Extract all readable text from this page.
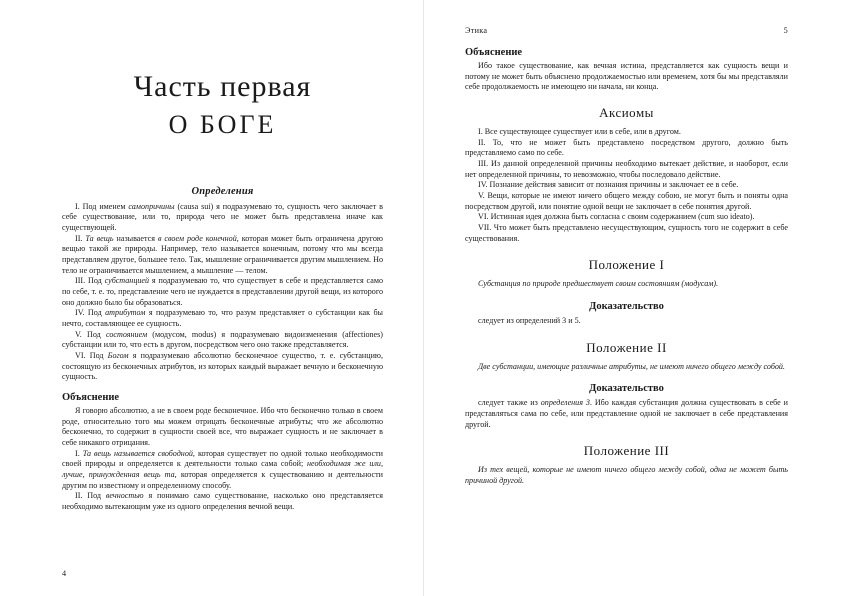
Часть первая
О БОГЕ
Определения

I. Под именем самопричины (causa sui) я подразумеваю то, сущность чего заключает в себе существование, или то, природа чего не может быть представлена иначе как существующей.

II. Та вещь называется в своем роде конечной, которая может быть ограничена другою вещью такой же природы. Например, тело называется конечным, потому что мы всегда представляем другое, большее тело. Так, мышление ограничивается другим мышлением. Но тело не ограничивается мышлением, а мышление — телом.

III. Под субстанцией я подразумеваю то, что существует в себе и представляется само по себе, т. е. то, представление чего не нуждается в представлении другой вещи, из которого оно должно было бы образоваться.

IV. Под атрибутом я подразумеваю то, что разум представляет о субстанции как бы нечто, составляющее ее сущность.

V. Под состоянием (модусом, modus) я подразумеваю видоизменения (affectiones) субстанции или то, что есть в другом, посредством чего оно также представляется.

VI. Под Богом я подразумеваю абсолютно бесконечное существо, т. е. субстанцию, состоящую из бесконечных атрибутов, из которых каждый выражает вечную и бесконечную сущность.

Объяснение

Я говорю абсолютно, а не в своем роде бесконечное. Ибо что бесконечно только в своем роде, относительно того мы можем отрицать бесконечные атрибуты; что же абсолютно бесконечно, то содержит в сущности своей все, что выражает сущность и не заключает в себе никакого отрицания.

I. Та вещь называется свободной, которая существует по одной только необходимости своей природы и определяется к деятельности только сама собой; необходимая же или, лучше, принужденная вещь та, которая определяется к существованию и деятельности другим по известному и определенному способу.

II. Под вечностью я понимаю само существование, насколько оно представляется необходимо вытекающим уже из одного определения вечной вещи.

4
Этика	5
Объяснение

Ибо такое существование, как вечная истина, представляется как сущность вещи и потому не может быть объяснено продолжаемостью или временем, хотя бы мы представляли себе продолжаемость не имеющею ни начала, ни конца.

Аксиомы

I. Все существующее существует или в себе, или в другом.

II. То, что не может быть представлено посредством другого, должно быть представляемо само по себе.

III. Из данной определенной причины необходимо вытекает действие, и наоборот, если нет определенной причины, то невозможно, чтобы последовало действие.

IV. Познание действия зависит от познания причины и заключает ее в себе.

V. Вещи, которые не имеют ничего общего между собою, не могут быть и поняты одна посредством другой, или понятие одной вещи не заключает в себе понятия другой.

VI. Истинная идея должна быть согласна с своим содержанием (cum suo ideato).

VII. Что может быть представлено несуществующим, сущность того не содержит в себе существования.

Положение I

Субстанция по природе предшествует своим состояниям (модусам).

Доказательство

следует из определений 3 и 5.

Положение II

Две субстанции, имеющие различные атрибуты, не имеют ничего общего между собой.

Доказательство

следует также из определения 3. Ибо каждая субстанция должна существовать в себе и представляться сама по себе, или представление одной не заключает в себе представления другой.

Положение III

Из тех вещей, которые не имеют ничего общего между собой, одна не может быть причиной другой.
